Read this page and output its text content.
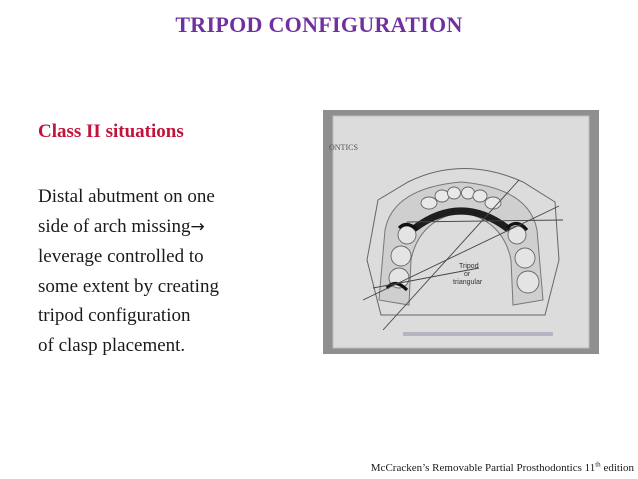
TRIPOD CONFIGURATION
Class II situations
Distal abutment on one
side of arch missing→
leverage controlled to
some extent by creating
tripod configuration
of clasp placement.
ONTICS
Tripod
or
triangular
McCracken’s Removable Partial Prosthodontics 11th edition
